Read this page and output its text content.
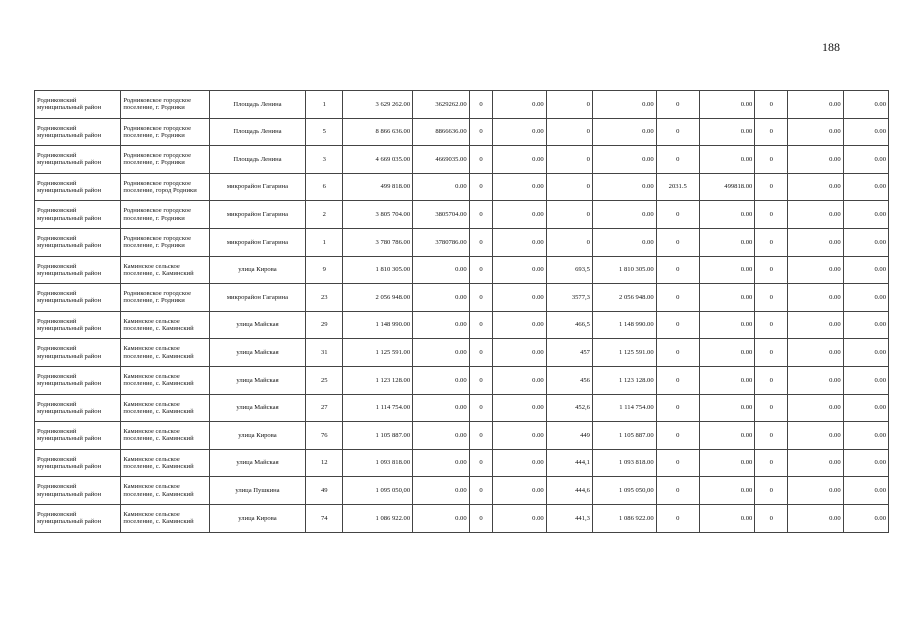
188
Родниковский муниципальный район	Родниковское городское поселение, г. Родники	Площадь Ленина	1	3 629 262.00	3629262.00	0	0.00	0	0.00	0	0.00	0	0.00	0.00
Родниковский муниципальный район	Родниковское городское поселение, г. Родники	Площадь Ленина	5	8 866 636.00	8866636.00	0	0.00	0	0.00	0	0.00	0	0.00	0.00
Родниковский муниципальный район	Родниковское городское поселение, г. Родники	Площадь Ленина	3	4 669 035.00	4669035.00	0	0.00	0	0.00	0	0.00	0	0.00	0.00
Родниковский муниципальный район	Родниковское городское поселение, город Родники	микрорайон Гагарина	6	499 818.00	0.00	0	0.00	0	0.00	2031.5	499818.00	0	0.00	0.00
Родниковский муниципальный район	Родниковское городское поселение, г. Родники	микрорайон Гагарина	2	3 805 704.00	3805704.00	0	0.00	0	0.00	0	0.00	0	0.00	0.00
Родниковский муниципальный район	Родниковское городское поселение, г. Родники	микрорайон Гагарина	1	3 780 786.00	3780786.00	0	0.00	0	0.00	0	0.00	0	0.00	0.00
Родниковский муниципальный район	Каминское сельское поселение, с. Каминский	улица Кирова	9	1 810 305.00	0.00	0	0.00	693,5	1 810 305.00	0	0.00	0	0.00	0.00
Родниковский муниципальный район	Родниковское городское поселение, г. Родники	микрорайон Гагарина	23	2 056 948.00	0.00	0	0.00	3577,3	2 056 948.00	0	0.00	0	0.00	0.00
Родниковский муниципальный район	Каминское сельское поселение, с. Каминский	улица Майская	29	1 148 990.00	0.00	0	0.00	466,5	1 148 990.00	0	0.00	0	0.00	0.00
Родниковский муниципальный район	Каминское сельское поселение, с. Каминский	улица Майская	31	1 125 591.00	0.00	0	0.00	457	1 125 591.00	0	0.00	0	0.00	0.00
Родниковский муниципальный район	Каминское сельское поселение, с. Каминский	улица Майская	25	1 123 128.00	0.00	0	0.00	456	1 123 128.00	0	0.00	0	0.00	0.00
Родниковский муниципальный район	Каминское сельское поселение, с. Каминский	улица Майская	27	1 114 754.00	0.00	0	0.00	452,6	1 114 754.00	0	0.00	0	0.00	0.00
Родниковский муниципальный район	Каминское сельское поселение, с. Каминский	улица Кирова	76	1 105 887.00	0.00	0	0.00	449	1 105 887.00	0	0.00	0	0.00	0.00
Родниковский муниципальный район	Каминское сельское поселение, с. Каминский	улица Майская	12	1 093 818.00	0.00	0	0.00	444,1	1 093 818.00	0	0.00	0	0.00	0.00
Родниковский муниципальный район	Каминское сельское поселение, с. Каминский	улица Пушкина	49	1 095 050,00	0.00	0	0.00	444,6	1 095 050,00	0	0.00	0	0.00	0.00
Родниковский муниципальный район	Каминское сельское поселение, с. Каминский	улица Кирова	74	1 086 922.00	0.00	0	0.00	441,3	1 086 922.00	0	0.00	0	0.00	0.00
